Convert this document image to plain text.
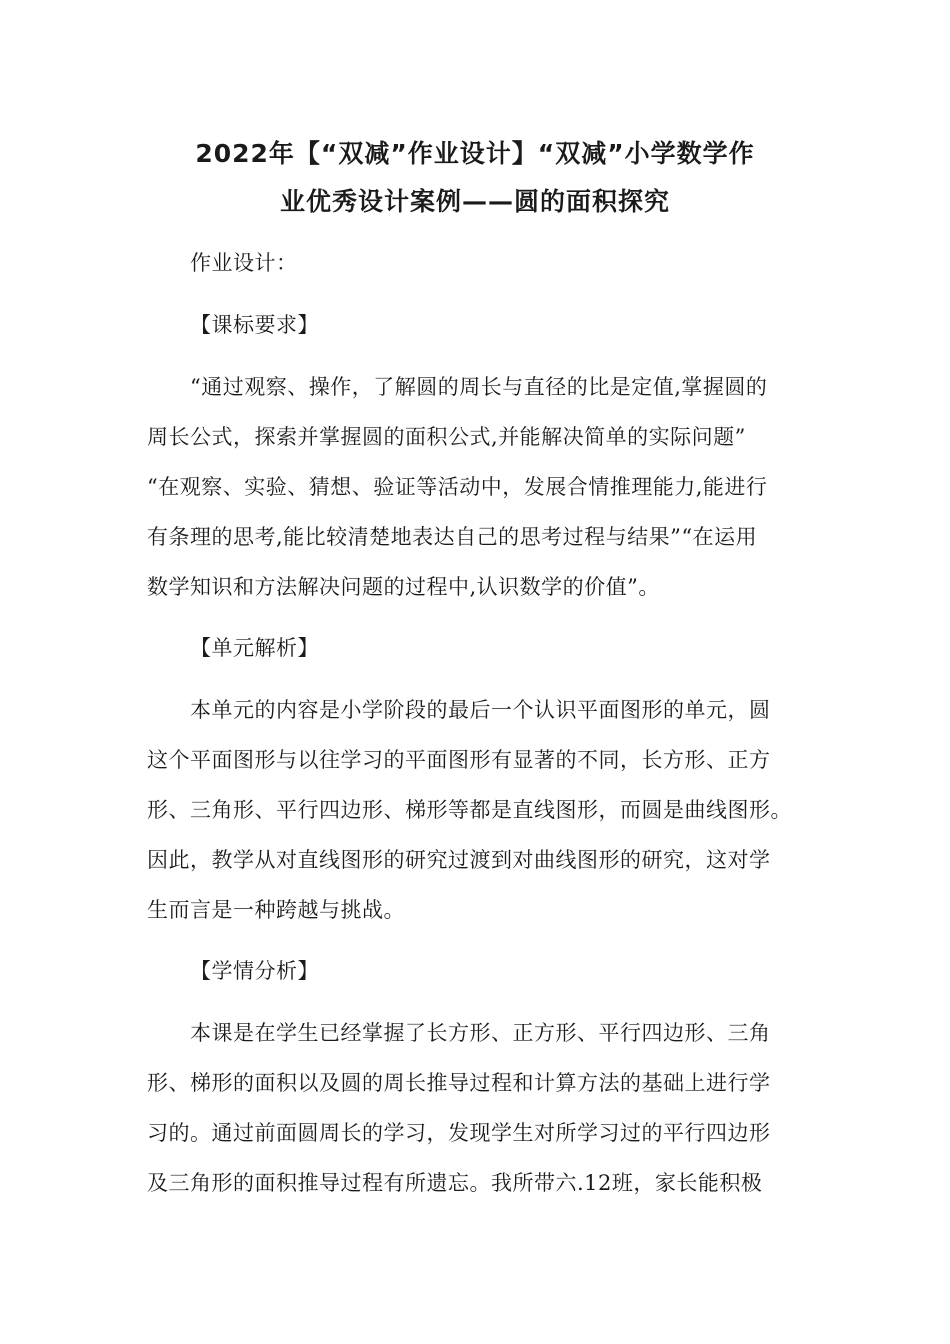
2022年【“双减”作业设计】“双减”小学数学作
业优秀设计案例——圆的面积探究
作业设计：
【课标要求】
“通过观察、操作，了解圆的周长与直径的比是定值,掌握圆的
周长公式，探索并掌握圆的面积公式,并能解决简单的实际问题”
“在观察、实验、猜想、验证等活动中，发展合情推理能力,能进行
有条理的思考,能比较清楚地表达自己的思考过程与结果”“在运用
数学知识和方法解决问题的过程中,认识数学的价值”。
【单元解析】
本单元的内容是小学阶段的最后一个认识平面图形的单元，圆
这个平面图形与以往学习的平面图形有显著的不同，长方形、正方
形、三角形、平行四边形、梯形等都是直线图形，而圆是曲线图形。
因此，教学从对直线图形的研究过渡到对曲线图形的研究，这对学
生而言是一种跨越与挑战。
【学情分析】
本课是在学生已经掌握了长方形、正方形、平行四边形、三角
形、梯形的面积以及圆的周长推导过程和计算方法的基础上进行学
习的。通过前面圆周长的学习，发现学生对所学习过的平行四边形
及三角形的面积推导过程有所遗忘。我所带六.12班，家长能积极
